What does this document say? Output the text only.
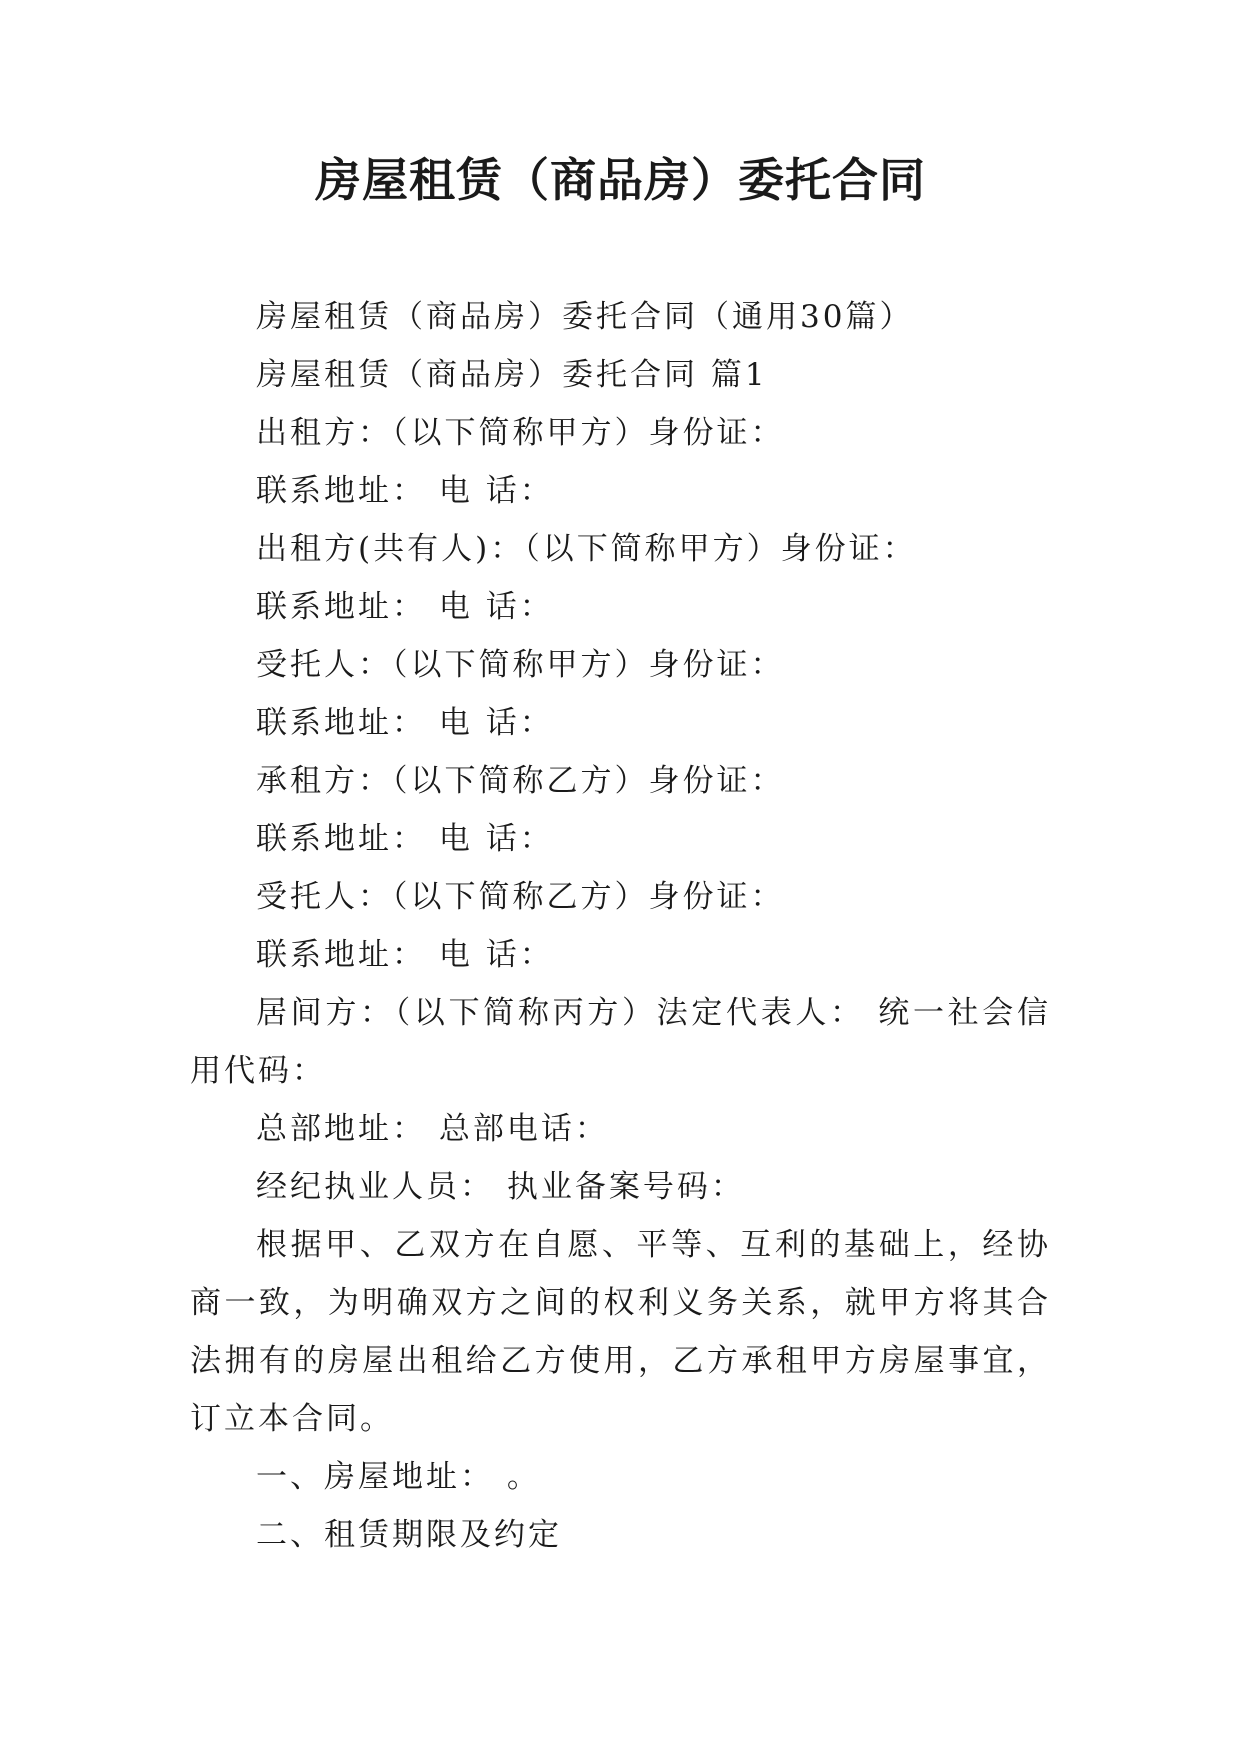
房屋租赁（商品房）委托合同

房屋租赁（商品房）委托合同（通用30篇）

房屋租赁（商品房）委托合同 篇1

出租方：（以下简称甲方）身份证：

联系地址： 电 话：

出租方(共有人)：（以下简称甲方）身份证：

联系地址： 电 话：

受托人：（以下简称甲方）身份证：

联系地址： 电 话：

承租方：（以下简称乙方）身份证：

联系地址： 电 话：

受托人：（以下简称乙方）身份证：

联系地址： 电 话：

居间方：（以下简称丙方）法定代表人： 统一社会信用代码：

总部地址： 总部电话：

经纪执业人员： 执业备案号码：

根据甲、乙双方在自愿、平等、互利的基础上，经协商一致，为明确双方之间的权利义务关系，就甲方将其合法拥有的房屋出租给乙方使用，乙方承租甲方房屋事宜，订立本合同。

一、房屋地址： 。

二、租赁期限及约定
